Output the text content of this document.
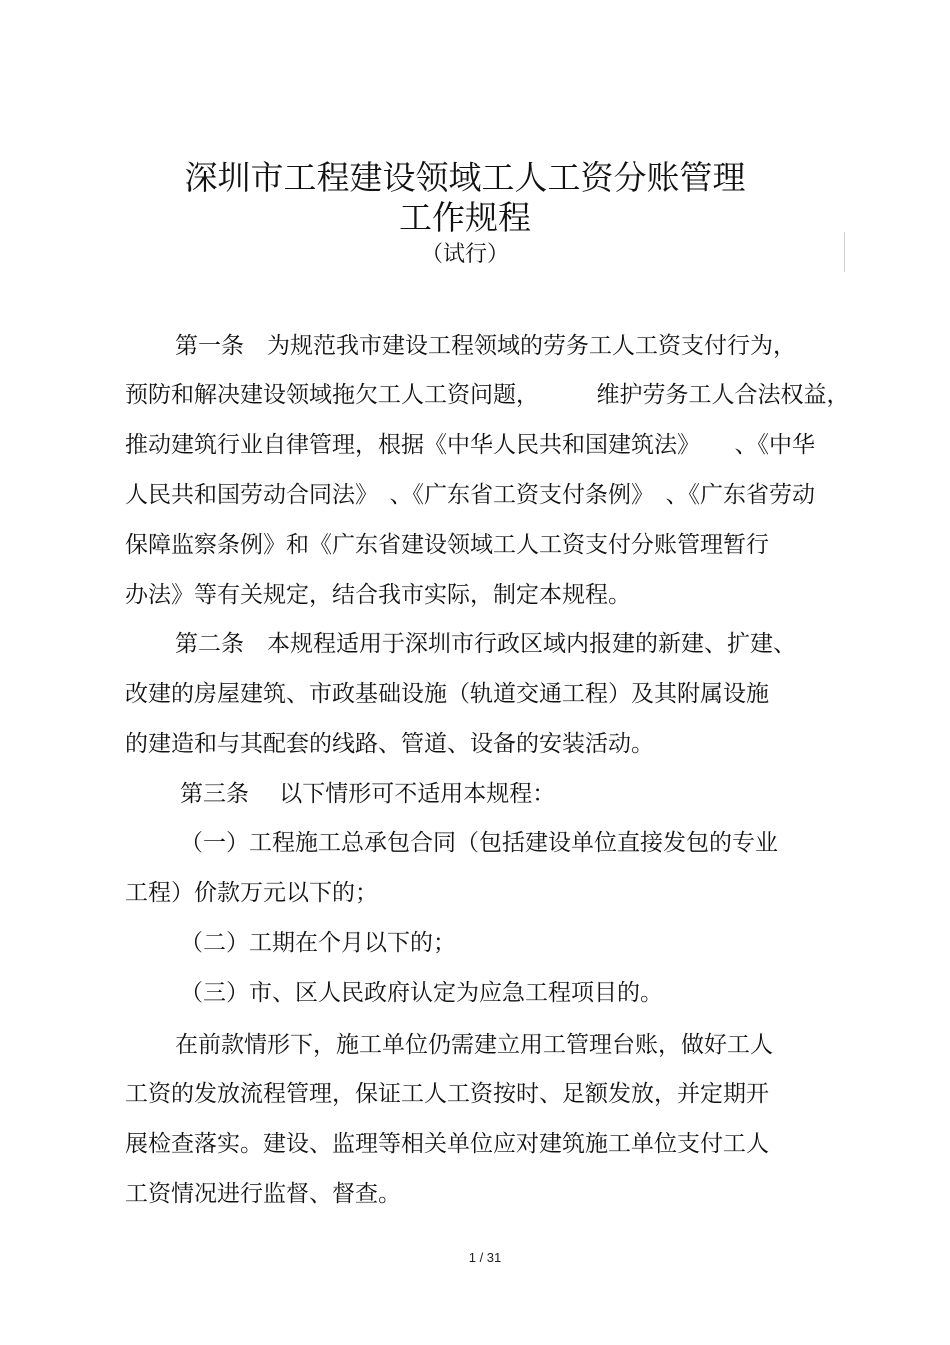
深圳市工程建设领域工人工资分账管理
工作规程
（试行）
第一条　为规范我市建设工程领域的劳务工人工资支付行为，
预防和解决建设领域拖欠工人工资问题，　　　维护劳务工人合法权益，
推动建筑行业自律管理，根据《中华人民共和国建筑法》　　、《中华
人民共和国劳动合同法》　、《广东省工资支付条例》　、《广东省劳动
保障监察条例》和《广东省建设领域工人工资支付分账管理暂行
办法》等有关规定，结合我市实际，制定本规程。
第二条　本规程适用于深圳市行政区域内报建的新建、扩建、
改建的房屋建筑、市政基础设施（轨道交通工程）及其附属设施
的建造和与其配套的线路、管道、设备的安装活动。
第三条　 以下情形可不适用本规程：
（一）工程施工总承包合同（包括建设单位直接发包的专业
工程）价款万元以下的；
（二）工期在个月以下的；
（三）市、区人民政府认定为应急工程项目的。
在前款情形下，施工单位仍需建立用工管理台账，做好工人
工资的发放流程管理，保证工人工资按时、足额发放，并定期开
展检查落实。建设、监理等相关单位应对建筑施工单位支付工人
工资情况进行监督、督查。
1 / 31
